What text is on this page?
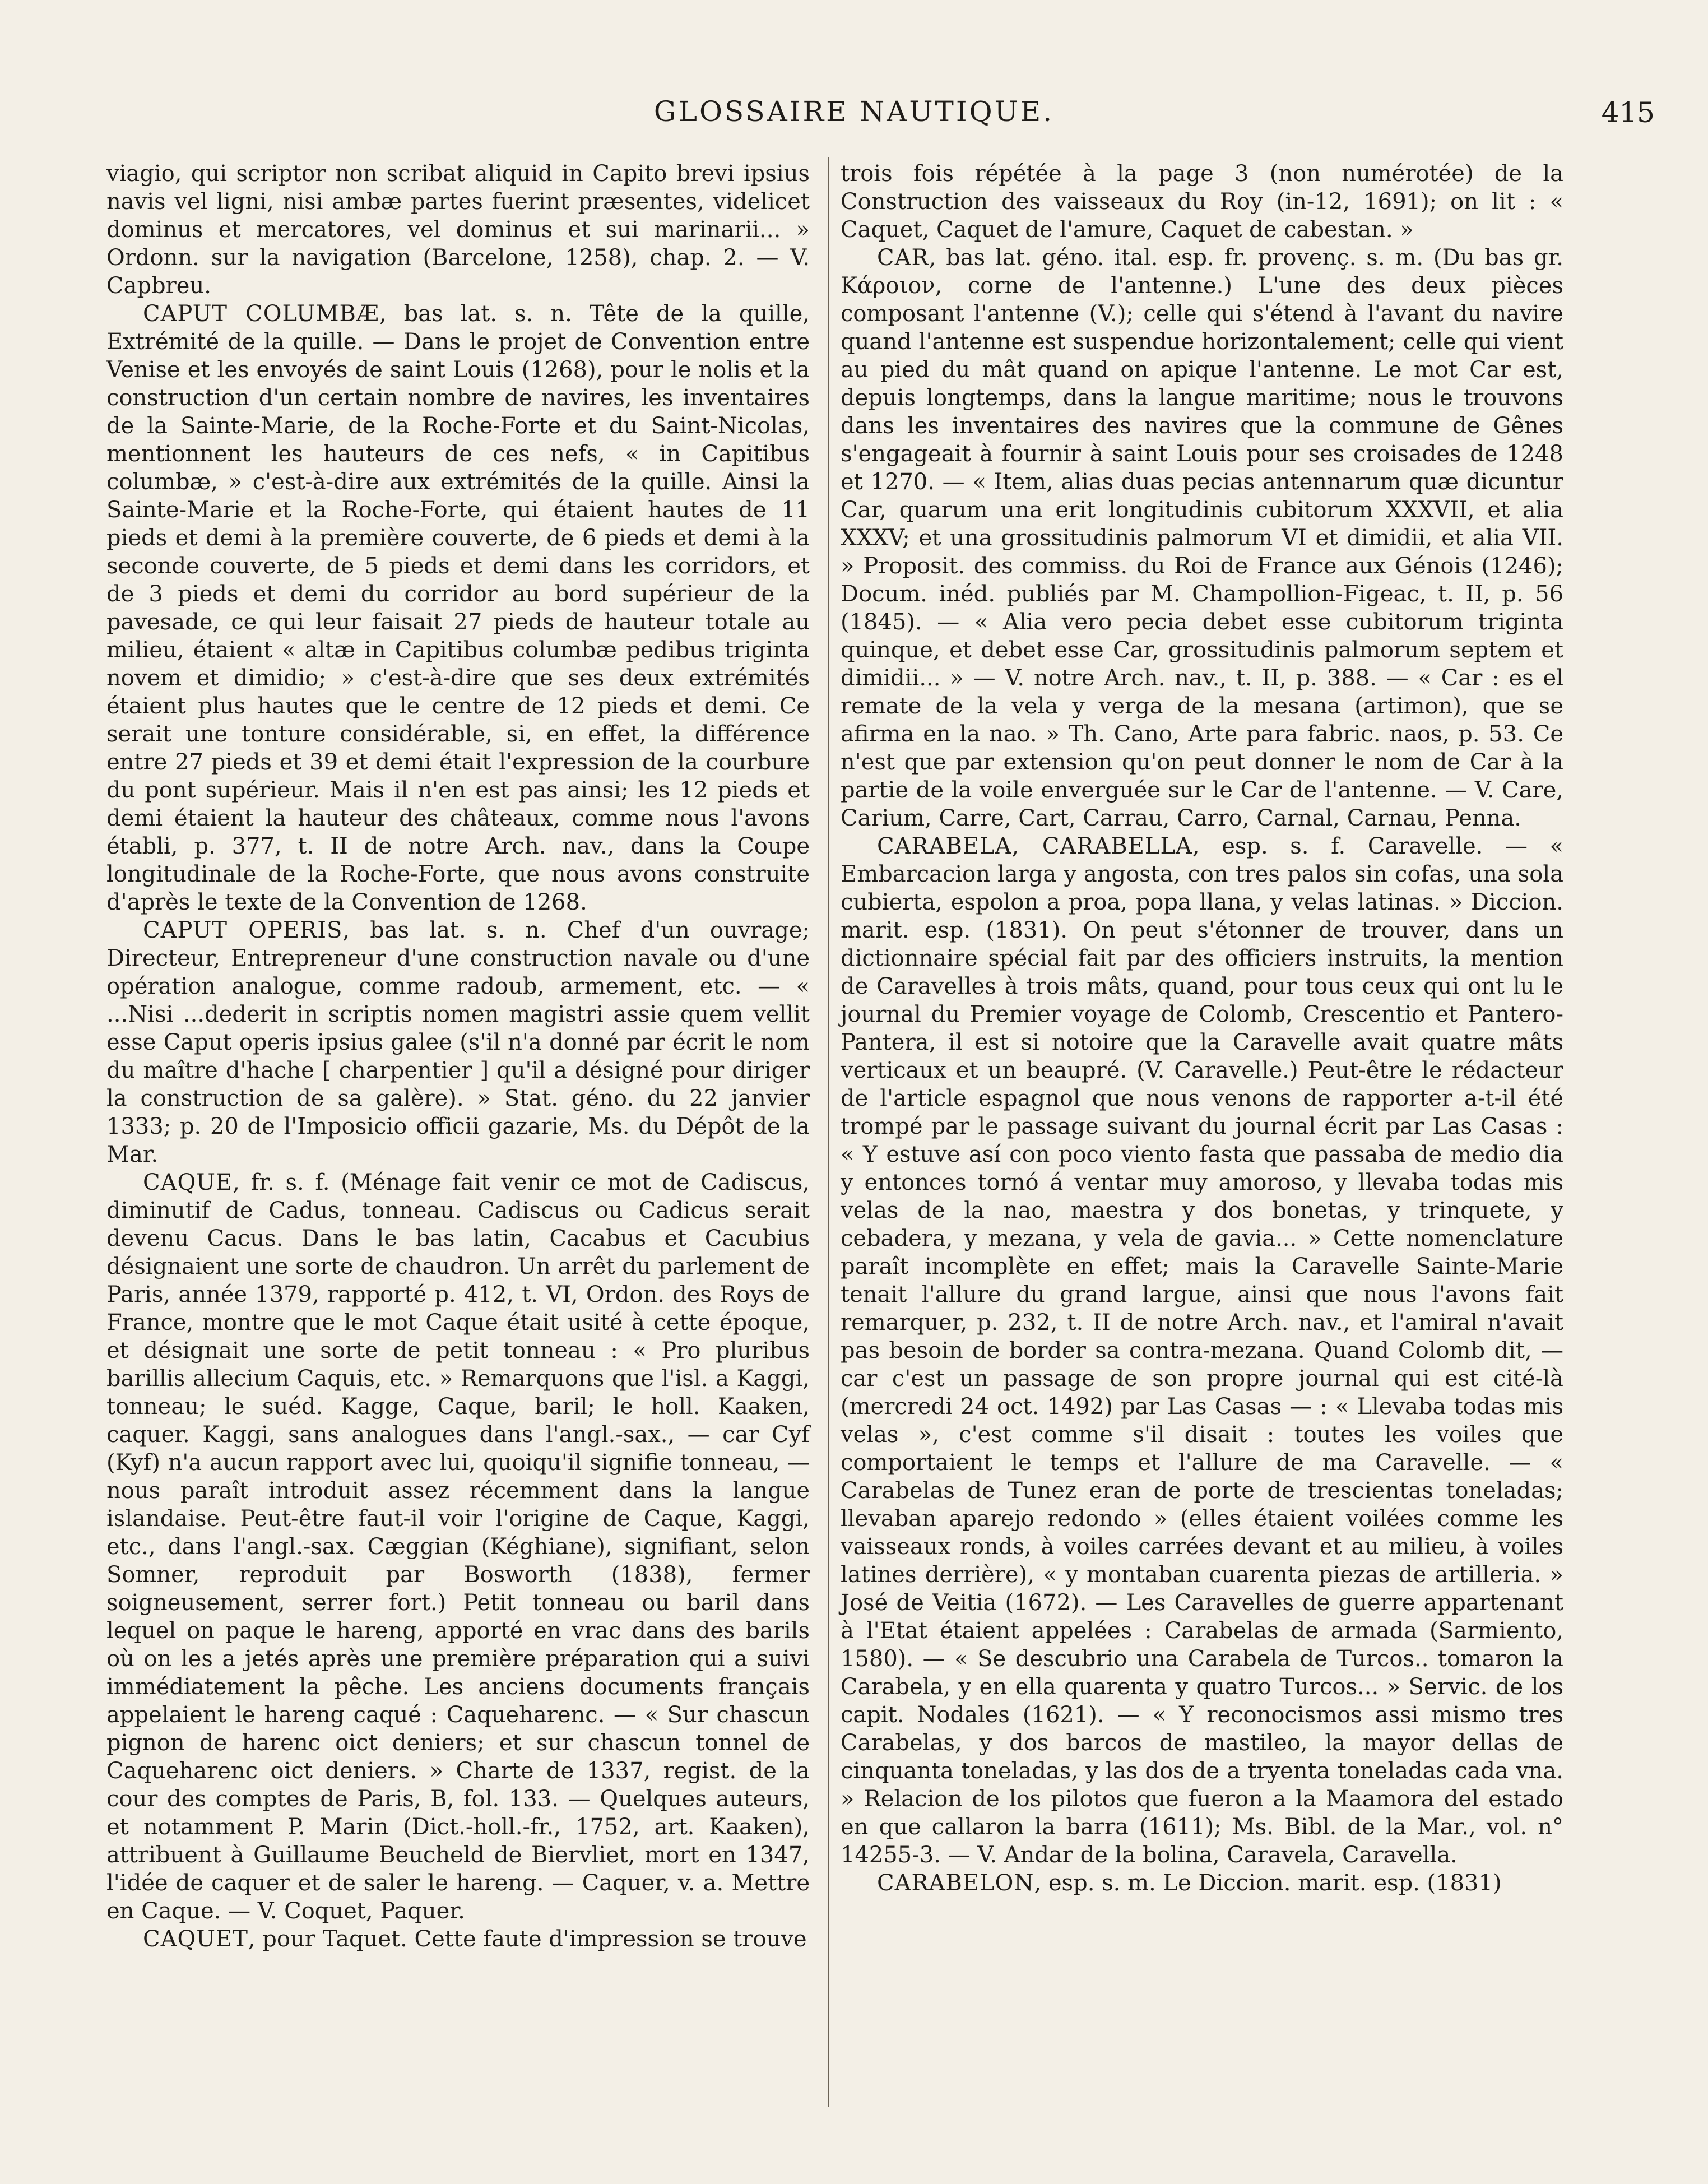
GLOSSAIRE NAUTIQUE.	415

viagio, qui scriptor non scribat aliquid in Capito brevi ipsius navis vel ligni, nisi ambæ partes fuerint præsentes, videlicet dominus et mercatores, vel dominus et sui marinarii... » Ordonn. sur la navigation (Barcelone, 1258), chap. 2. — V. Capbreu.

CAPUT COLUMBÆ, bas lat. s. n. Tête de la quille, Extrémité de la quille. — Dans le projet de Convention entre Venise et les envoyés de saint Louis (1268), pour le nolis et la construction d'un certain nombre de navires, les inventaires de la Sainte-Marie, de la Roche-Forte et du Saint-Nicolas, mentionnent les hauteurs de ces nefs, « in Capitibus columbæ, » c'est-à-dire aux extrémités de la quille. Ainsi la Sainte-Marie et la Roche-Forte, qui étaient hautes de 11 pieds et demi à la première couverte, de 6 pieds et demi à la seconde couverte, de 5 pieds et demi dans les corridors, et de 3 pieds et demi du corridor au bord supérieur de la pavesade, ce qui leur faisait 27 pieds de hauteur totale au milieu, étaient « altæ in Capitibus columbæ pedibus triginta novem et dimidio; » c'est-à-dire que ses deux extrémités étaient plus hautes que le centre de 12 pieds et demi. Ce serait une tonture considérable, si, en effet, la différence entre 27 pieds et 39 et demi était l'expression de la courbure du pont supérieur. Mais il n'en est pas ainsi; les 12 pieds et demi étaient la hauteur des châteaux, comme nous l'avons établi, p. 377, t. II de notre Arch. nav., dans la Coupe longitudinale de la Roche-Forte, que nous avons construite d'après le texte de la Convention de 1268.

CAPUT OPERIS, bas lat. s. n. Chef d'un ouvrage; Directeur, Entrepreneur d'une construction navale ou d'une opération analogue, comme radoub, armement, etc. — « ...Nisi ...dederit in scriptis nomen magistri assie quem vellit esse Caput operis ipsius galee (s'il n'a donné par écrit le nom du maître d'hache [ charpentier ] qu'il a désigné pour diriger la construction de sa galère). » Stat. géno. du 22 janvier 1333; p. 20 de l'Imposicio officii gazarie, Ms. du Dépôt de la Mar.

CAQUE, fr. s. f. (Ménage fait venir ce mot de Cadiscus, diminutif de Cadus, tonneau. Cadiscus ou Cadicus serait devenu Cacus. Dans le bas latin, Cacabus et Cacubius désignaient une sorte de chaudron. Un arrêt du parlement de Paris, année 1379, rapporté p. 412, t. VI, Ordon. des Roys de France, montre que le mot Caque était usité à cette époque, et désignait une sorte de petit tonneau : « Pro pluribus barillis allecium Caquis, etc. » Remarquons que l'isl. a Kaggi, tonneau; le suéd. Kagge, Caque, baril; le holl. Kaaken, caquer. Kaggi, sans analogues dans l'angl.-sax., — car Cyf (Kyf) n'a aucun rapport avec lui, quoiqu'il signifie tonneau, — nous paraît introduit assez récemment dans la langue islandaise. Peut-être faut-il voir l'origine de Caque, Kaggi, etc., dans l'angl.-sax. Cæggian (Kéghiane), signifiant, selon Somner, reproduit par Bosworth (1838), fermer soigneusement, serrer fort.) Petit tonneau ou baril dans lequel on paque le hareng, apporté en vrac dans des barils où on les a jetés après une première préparation qui a suivi immédiatement la pêche. Les anciens documents français appelaient le hareng caqué : Caqueharenc. — « Sur chascun pignon de harenc oict deniers; et sur chascun tonnel de Caqueharenc oict deniers. » Charte de 1337, regist. de la cour des comptes de Paris, B, fol. 133. — Quelques auteurs, et notamment P. Marin (Dict.-holl.-fr., 1752, art. Kaaken), attribuent à Guillaume Beucheld de Biervliet, mort en 1347, l'idée de caquer et de saler le hareng. — Caquer, v. a. Mettre en Caque. — V. Coquet, Paquer.

CAQUET, pour Taquet. Cette faute d'impression se trouve

trois fois répétée à la page 3 (non numérotée) de la Construction des vaisseaux du Roy (in-12, 1691); on lit : « Caquet, Caquet de l'amure, Caquet de cabestan. »

CAR, bas lat. géno. ital. esp. fr. provenç. s. m. (Du bas gr. Κάροιον, corne de l'antenne.) L'une des deux pièces composant l'antenne (V.); celle qui s'étend à l'avant du navire quand l'antenne est suspendue horizontalement; celle qui vient au pied du mât quand on apique l'antenne. Le mot Car est, depuis longtemps, dans la langue maritime; nous le trouvons dans les inventaires des navires que la commune de Gênes s'engageait à fournir à saint Louis pour ses croisades de 1248 et 1270. — « Item, alias duas pecias antennarum quæ dicuntur Car, quarum una erit longitudinis cubitorum XXXVII, et alia XXXV; et una grossitudinis palmorum VI et dimidii, et alia VII. » Proposit. des commiss. du Roi de France aux Génois (1246); Docum. inéd. publiés par M. Champollion-Figeac, t. II, p. 56 (1845). — « Alia vero pecia debet esse cubitorum triginta quinque, et debet esse Car, grossitudinis palmorum septem et dimidii... » — V. notre Arch. nav., t. II, p. 388. — « Car : es el remate de la vela y verga de la mesana (artimon), que se afirma en la nao. » Th. Cano, Arte para fabric. naos, p. 53. Ce n'est que par extension qu'on peut donner le nom de Car à la partie de la voile enverguée sur le Car de l'antenne. — V. Care, Carium, Carre, Cart, Carrau, Carro, Carnal, Carnau, Penna.

CARABELA, CARABELLA, esp. s. f. Caravelle. — « Embarcacion larga y angosta, con tres palos sin cofas, una sola cubierta, espolon a proa, popa llana, y velas latinas. » Diccion. marit. esp. (1831). On peut s'étonner de trouver, dans un dictionnaire spécial fait par des officiers instruits, la mention de Caravelles à trois mâts, quand, pour tous ceux qui ont lu le journal du Premier voyage de Colomb, Crescentio et Pantero-Pantera, il est si notoire que la Caravelle avait quatre mâts verticaux et un beaupré. (V. Caravelle.) Peut-être le rédacteur de l'article espagnol que nous venons de rapporter a-t-il été trompé par le passage suivant du journal écrit par Las Casas : « Y estuve así con poco viento fasta que passaba de medio dia y entonces tornó á ventar muy amoroso, y llevaba todas mis velas de la nao, maestra y dos bonetas, y trinquete, y cebadera, y mezana, y vela de gavia... » Cette nomenclature paraît incomplète en effet; mais la Caravelle Sainte-Marie tenait l'allure du grand largue, ainsi que nous l'avons fait remarquer, p. 232, t. II de notre Arch. nav., et l'amiral n'avait pas besoin de border sa contra-mezana. Quand Colomb dit, — car c'est un passage de son propre journal qui est cité-là (mercredi 24 oct. 1492) par Las Casas — : « Llevaba todas mis velas », c'est comme s'il disait : toutes les voiles que comportaient le temps et l'allure de ma Caravelle. — « Carabelas de Tunez eran de porte de trescientas toneladas; llevaban aparejo redondo » (elles étaient voilées comme les vaisseaux ronds, à voiles carrées devant et au milieu, à voiles latines derrière), « y montaban cuarenta piezas de artilleria. » José de Veitia (1672). — Les Caravelles de guerre appartenant à l'Etat étaient appelées : Carabelas de armada (Sarmiento, 1580). — « Se descubrio una Carabela de Turcos.. tomaron la Carabela, y en ella quarenta y quatro Turcos... » Servic. de los capit. Nodales (1621). — « Y reconocismos assi mismo tres Carabelas, y dos barcos de mastileo, la mayor dellas de cinquanta toneladas, y las dos de a tryenta toneladas cada vna. » Relacion de los pilotos que fueron a la Maamora del estado en que callaron la barra (1611); Ms. Bibl. de la Mar., vol. n° 14255-3. — V. Andar de la bolina, Caravela, Caravella.

CARABELON, esp. s. m. Le Diccion. marit. esp. (1831)
